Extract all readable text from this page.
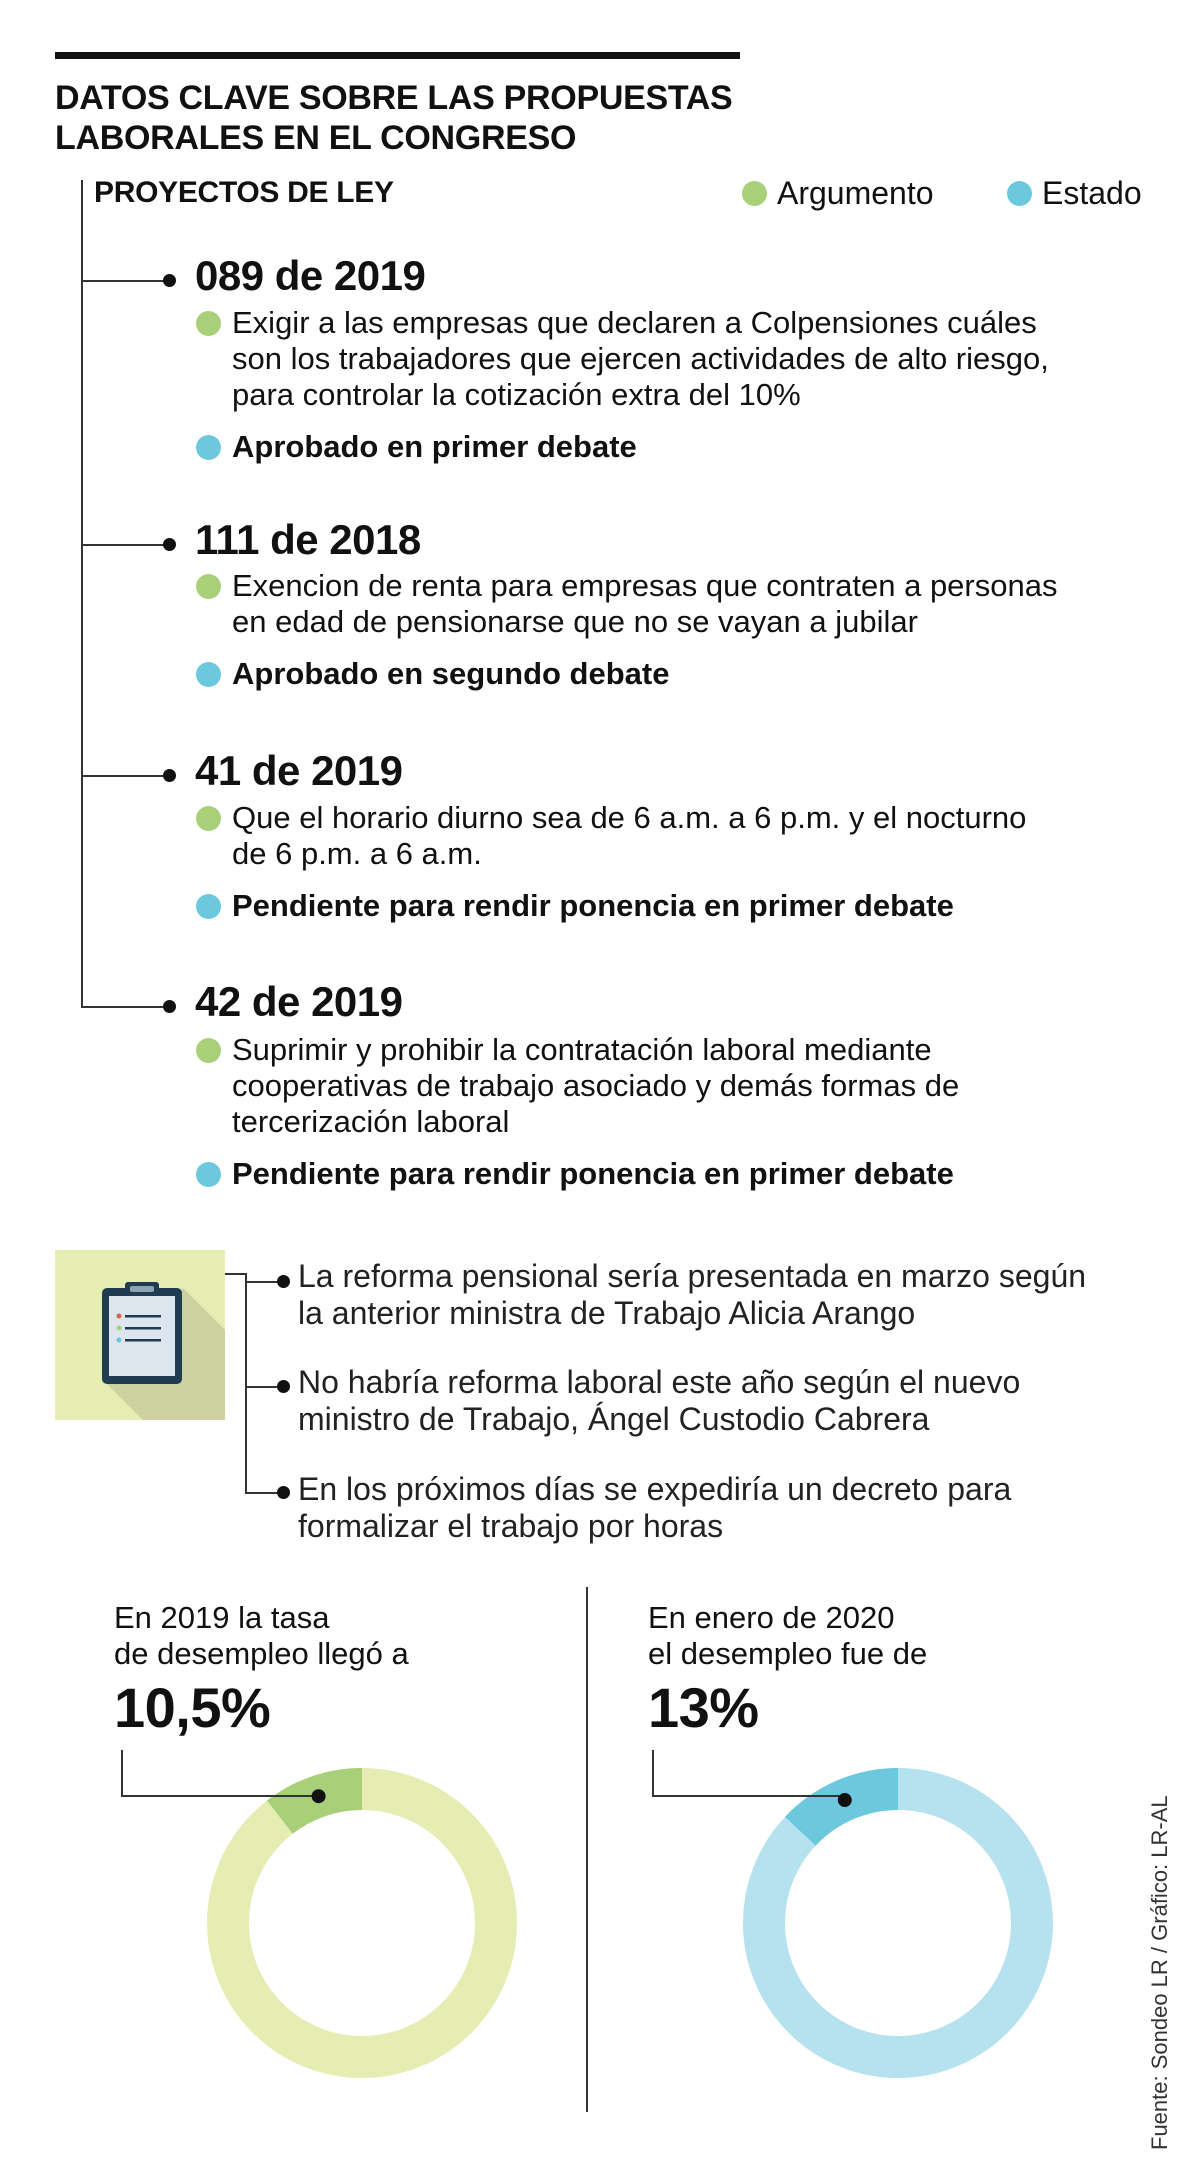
DATOS CLAVE SOBRE LAS PROPUESTAS
LABORALES EN EL CONGRESO
PROYECTOS DE LEY	Argumento	Estado
089 de 2019
Exigir a las empresas que declaren a Colpensiones cuáles
son los trabajadores que ejercen actividades de alto riesgo,
para controlar la cotización extra del 10%
Aprobado en primer debate
111 de 2018
Exencion de renta para empresas que contraten a personas
en edad de pensionarse que no se vayan a jubilar
Aprobado en segundo debate
41 de 2019
Que el horario diurno sea de 6 a.m. a 6 p.m. y el nocturno
de 6 p.m. a 6 a.m.
Pendiente para rendir ponencia en primer debate
42 de 2019
Suprimir y prohibir la contratación laboral mediante
cooperativas de trabajo asociado y demás formas de
tercerización laboral
Pendiente para rendir ponencia en primer debate
La reforma pensional sería presentada en marzo según
la anterior ministra de Trabajo Alicia Arango
No habría reforma laboral este año según el nuevo
ministro de Trabajo, Ángel Custodio Cabrera
En los próximos días se expediría un decreto para
formalizar el trabajo por horas
En 2019 la tasa
de desempleo llegó a
10,5%
En enero de 2020
el desempleo fue de
13%
Fuente: Sondeo LR / Gráfico: LR-AL
